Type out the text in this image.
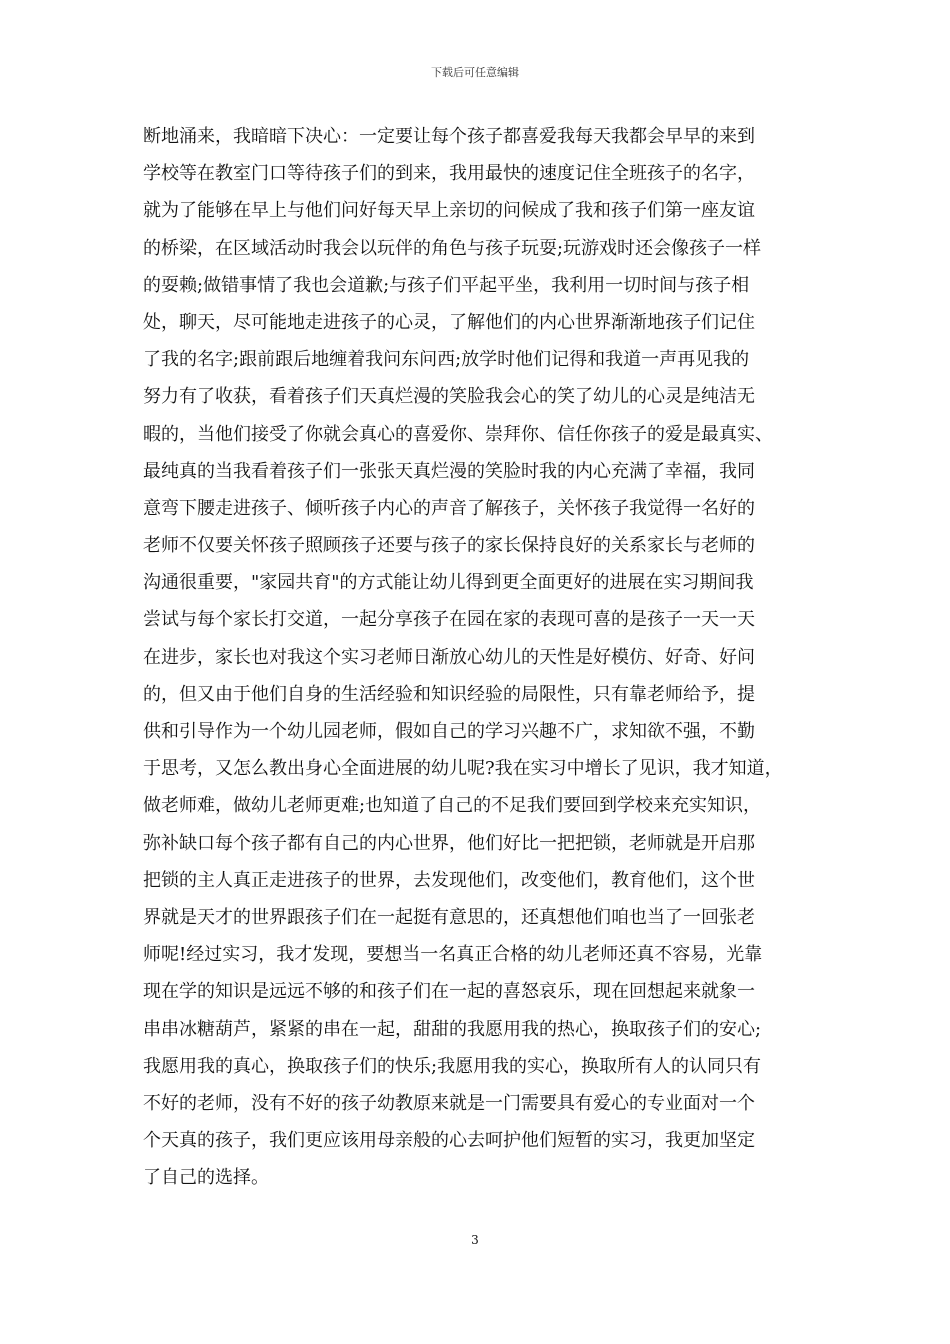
下载后可任意编辑
断地涌来，我暗暗下决心：一定要让每个孩子都喜爱我每天我都会早早的来到
学校等在教室门口等待孩子们的到来，我用最快的速度记住全班孩子的名字，
就为了能够在早上与他们问好每天早上亲切的问候成了我和孩子们第一座友谊
的桥梁，在区域活动时我会以玩伴的角色与孩子玩耍;玩游戏时还会像孩子一样
的耍赖;做错事情了我也会道歉;与孩子们平起平坐，我利用一切时间与孩子相
处，聊天，尽可能地走进孩子的心灵，了解他们的内心世界渐渐地孩子们记住
了我的名字;跟前跟后地缠着我问东问西;放学时他们记得和我道一声再见我的
努力有了收获，看着孩子们天真烂漫的笑脸我会心的笑了幼儿的心灵是纯洁无
暇的，当他们接受了你就会真心的喜爱你、崇拜你、信任你孩子的爱是最真实、
最纯真的当我看着孩子们一张张天真烂漫的笑脸时我的内心充满了幸福，我同
意弯下腰走进孩子、倾听孩子内心的声音了解孩子，关怀孩子我觉得一名好的
老师不仅要关怀孩子照顾孩子还要与孩子的家长保持良好的关系家长与老师的
沟通很重要，"家园共育"的方式能让幼儿得到更全面更好的进展在实习期间我
尝试与每个家长打交道，一起分享孩子在园在家的表现可喜的是孩子一天一天
在进步，家长也对我这个实习老师日渐放心幼儿的天性是好模仿、好奇、好问
的，但又由于他们自身的生活经验和知识经验的局限性，只有靠老师给予，提
供和引导作为一个幼儿园老师，假如自己的学习兴趣不广，求知欲不强，不勤
于思考，又怎么教出身心全面进展的幼儿呢?我在实习中增长了见识，我才知道，
做老师难，做幼儿老师更难;也知道了自己的不足我们要回到学校来充实知识，
弥补缺口每个孩子都有自己的内心世界，他们好比一把把锁，老师就是开启那
把锁的主人真正走进孩子的世界，去发现他们，改变他们，教育他们，这个世
界就是天才的世界跟孩子们在一起挺有意思的，还真想他们咱也当了一回张老
师呢!经过实习，我才发现，要想当一名真正合格的幼儿老师还真不容易，光靠
现在学的知识是远远不够的和孩子们在一起的喜怒哀乐，现在回想起来就象一
串串冰糖葫芦，紧紧的串在一起，甜甜的我愿用我的热心，换取孩子们的安心;
我愿用我的真心，换取孩子们的快乐;我愿用我的实心，换取所有人的认同只有
不好的老师，没有不好的孩子幼教原来就是一门需要具有爱心的专业面对一个
个天真的孩子，我们更应该用母亲般的心去呵护他们短暂的实习，我更加坚定
了自己的选择。
3
